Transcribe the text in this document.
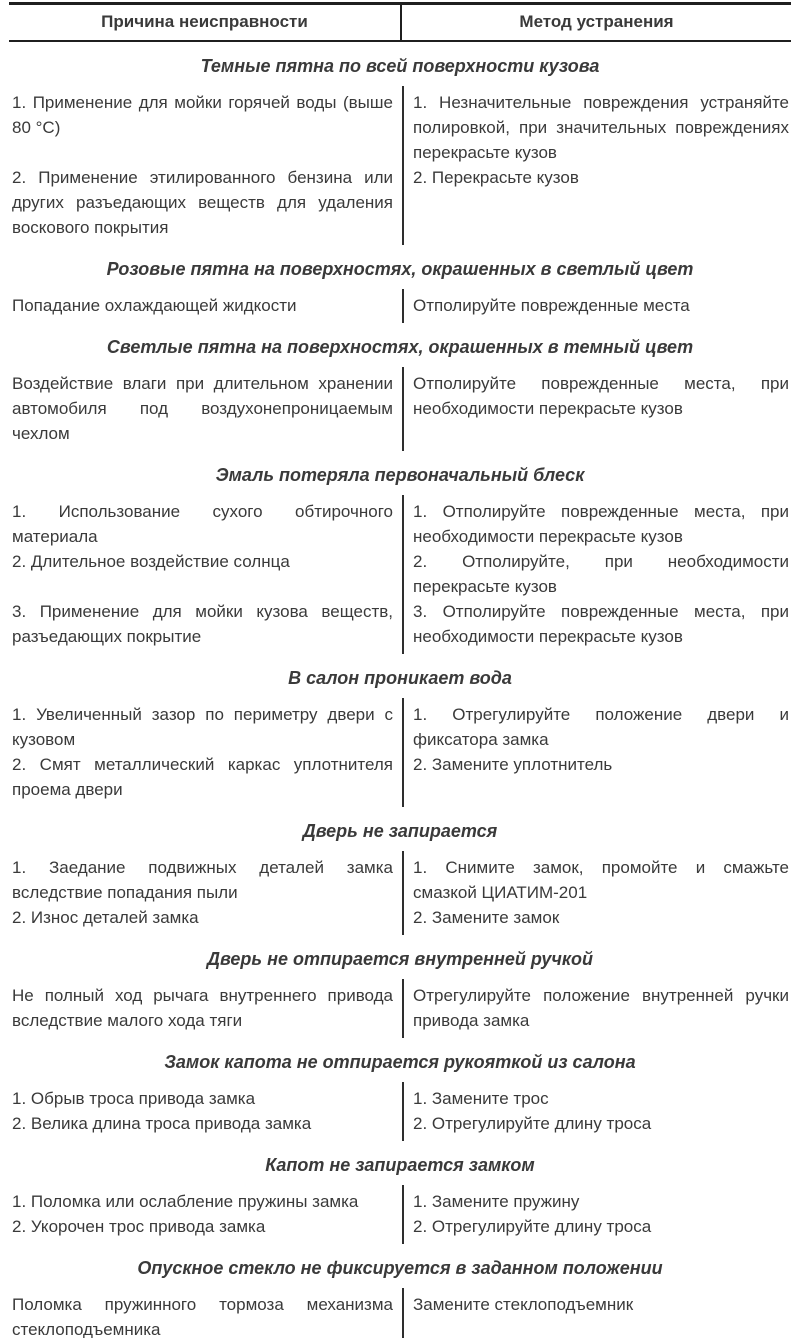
Причина неисправности	Метод устранения
Темные пятна по всей поверхности кузова

1. Применение для мойки горячей воды (выше 80 °С)

2. Применение этилированного бензина или других разъедающих веществ для удаления воскового покрытия

1. Незначительные повреждения устраняйте полировкой, при значительных повреждениях перекрасьте кузов

2. Перекрасьте кузов

Розовые пятна на поверхностях, окрашенных в светлый цвет

Попадание охлаждающей жидкости	Отполируйте поврежденные места

Светлые пятна на поверхностях, окрашенных в темный цвет

Воздействие влаги при длительном хранении автомобиля под воздухонепроницаемым чехлом

Отполируйте поврежденные места, при необходимости перекрасьте кузов

Эмаль потеряла первоначальный блеск

1. Использование сухого обтирочного материала

2. Длительное воздействие солнца

3. Применение для мойки кузова веществ, разъедающих покрытие

1. Отполируйте поврежденные места, при необходимости перекрасьте кузов

2. Отполируйте, при необходимости перекрасьте кузов

3. Отполируйте поврежденные места, при необходимости перекрасьте кузов

В салон проникает вода

1. Увеличенный зазор по периметру двери с кузовом

2. Смят металлический каркас уплотнителя проема двери

1. Отрегулируйте положение двери и фиксатора замка

2. Замените уплотнитель

Дверь не запирается

1. Заедание подвижных деталей замка вследствие попадания пыли

2. Износ деталей замка

1. Снимите замок, промойте и смажьте смазкой ЦИАТИМ-201

2. Замените замок

Дверь не отпирается внутренней ручкой

Не полный ход рычага внутреннего привода вследствие малого хода тяги

Отрегулируйте положение внутренней ручки привода замка

Замок капота не отпирается рукояткой из салона

1. Обрыв троса привода замка

2. Велика длина троса привода замка

1. Замените трос

2. Отрегулируйте длину троса

Капот не запирается замком

1. Поломка или ослабление пружины замка

2. Укорочен трос привода замка

1. Замените пружину

2. Отрегулируйте длину троса

Опускное стекло не фиксируется в заданном положении

Поломка пружинного тормоза механизма стеклоподъемника

Замените стеклоподъемник
